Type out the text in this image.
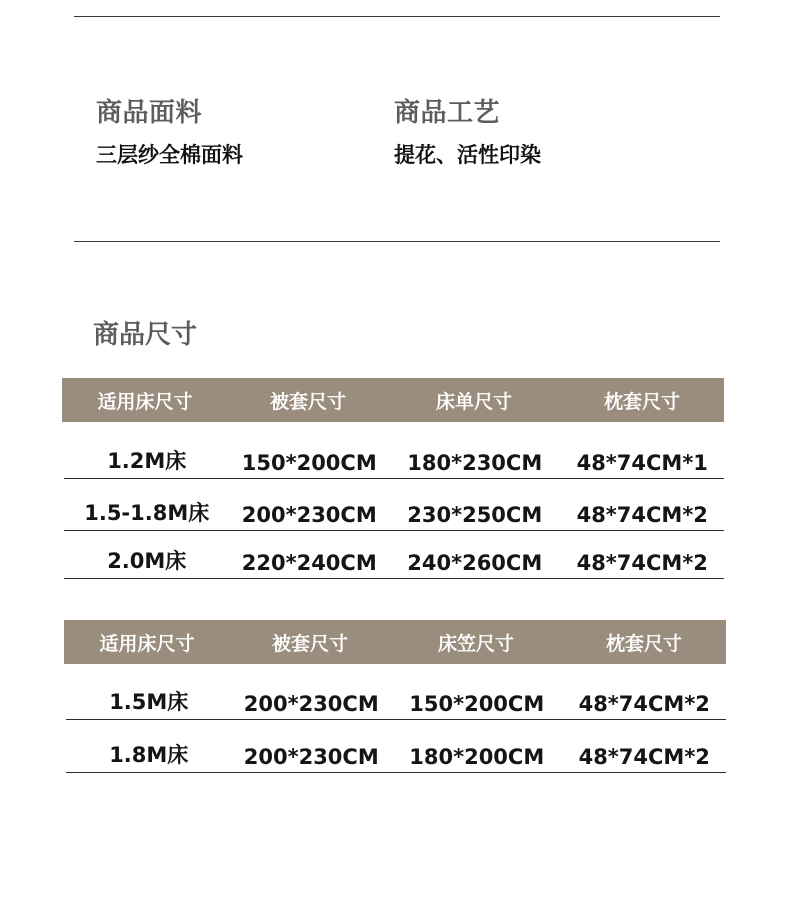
商品面料
三层纱全棉面料
商品工艺
提花、活性印染
商品尺寸
适用床尺寸	被套尺寸	床单尺寸	枕套尺寸
1.2M床	150*200CM	180*230CM	48*74CM*1
1.5-1.8M床	200*230CM	230*250CM	48*74CM*2
2.0M床	220*240CM	240*260CM	48*74CM*2
适用床尺寸	被套尺寸	床笠尺寸	枕套尺寸
1.5M床	200*230CM	150*200CM	48*74CM*2
1.8M床	200*230CM	180*200CM	48*74CM*2
